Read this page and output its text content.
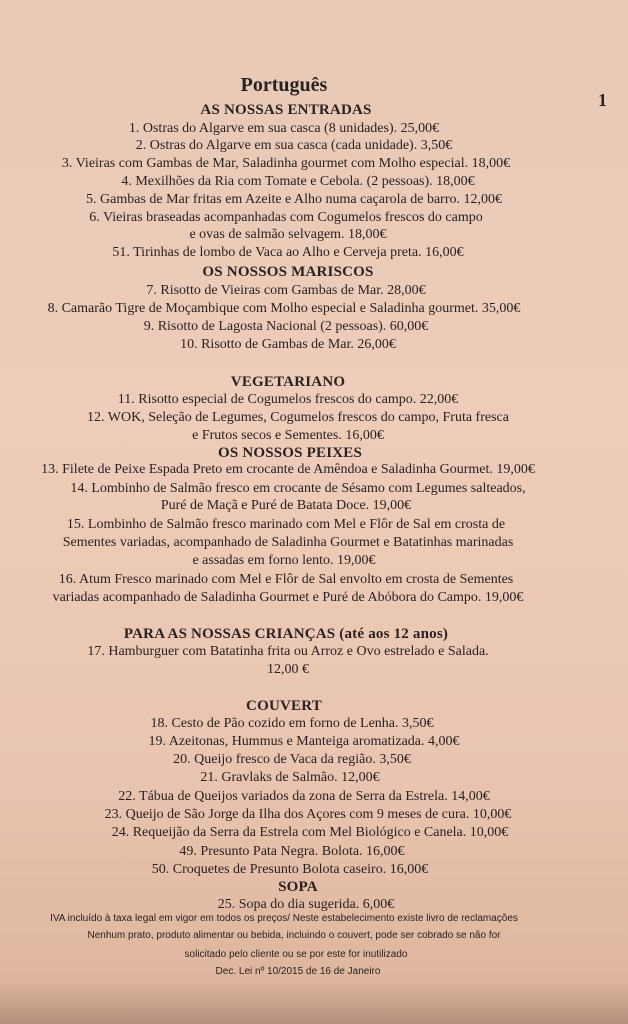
1
Português
AS NOSSAS ENTRADAS
1. Ostras do Algarve em sua casca (8 unidades). 25,00€
2. Ostras do Algarve em sua casca (cada unidade). 3,50€
3. Vieiras com Gambas de Mar, Saladinha gourmet com Molho especial. 18,00€
4. Mexilhões da Ria com Tomate e Cebola. (2 pessoas). 18,00€
5. Gambas de Mar fritas em Azeite e Alho numa caçarola de barro. 12,00€
6. Vieiras braseadas acompanhadas com Cogumelos frescos do campo
e ovas de salmão selvagem. 18,00€
51. Tirinhas de lombo de Vaca ao Alho e Cerveja preta. 16,00€
OS NOSSOS MARISCOS
7. Risotto de Vieiras com Gambas de Mar. 28,00€
8. Camarão Tigre de Moçambique com Molho especial e Saladinha gourmet. 35,00€
9. Risotto de Lagosta Nacional (2 pessoas). 60,00€
10. Risotto de Gambas de Mar. 26,00€
VEGETARIANO
11. Risotto especial de Cogumelos frescos do campo. 22,00€
12. WOK, Seleção de Legumes, Cogumelos frescos do campo, Fruta fresca
e Frutos secos e Sementes. 16,00€
OS NOSSOS PEIXES
13. Filete de Peixe Espada Preto em crocante de Amêndoa e Saladinha Gourmet. 19,00€
14. Lombinho de Salmão fresco em crocante de Sésamo com Legumes salteados,
Puré de Maçã e Puré de Batata Doce. 19,00€
15. Lombinho de Salmão fresco marinado com Mel e Flôr de Sal em crosta de
Sementes variadas, acompanhado de Saladinha Gourmet e Batatinhas marinadas
e assadas em forno lento. 19,00€
16. Atum Fresco marinado com Mel e Flôr de Sal envolto em crosta de Sementes
variadas acompanhado de Saladinha Gourmet e Puré de Abóbora do Campo. 19,00€
PARA AS NOSSAS CRIANÇAS (até aos 12 anos)
17. Hamburguer com Batatinha frita ou Arroz e Ovo estrelado e Salada.
12,00 €
COUVERT
18. Cesto de Pão cozido em forno de Lenha. 3,50€
19. Azeitonas, Hummus e Manteiga aromatizada. 4,00€
20. Queijo fresco de Vaca da região. 3,50€
21. Gravlaks de Salmão. 12,00€
22. Tábua de Queijos variados da zona de Serra da Estrela. 14,00€
23. Queijo de São Jorge da Ilha dos Açores com 9 meses de cura. 10,00€
24. Requeijão da Serra da Estrela com Mel Biológico e Canela. 10,00€
49. Presunto Pata Negra. Bolota. 16,00€
50. Croquetes de Presunto Bolota caseiro. 16,00€
SOPA
25. Sopa do dia sugerida. 6,00€
IVA incluído à taxa legal em vigor em todos os preços/ Neste estabelecimento existe livro de reclamações
Nenhum prato, produto alimentar ou bebida, incluindo o couvert, pode ser cobrado se não for
solicitado pelo cliente ou se por este for inutilizado
Dec. Lei nº 10/2015 de 16 de Janeiro
